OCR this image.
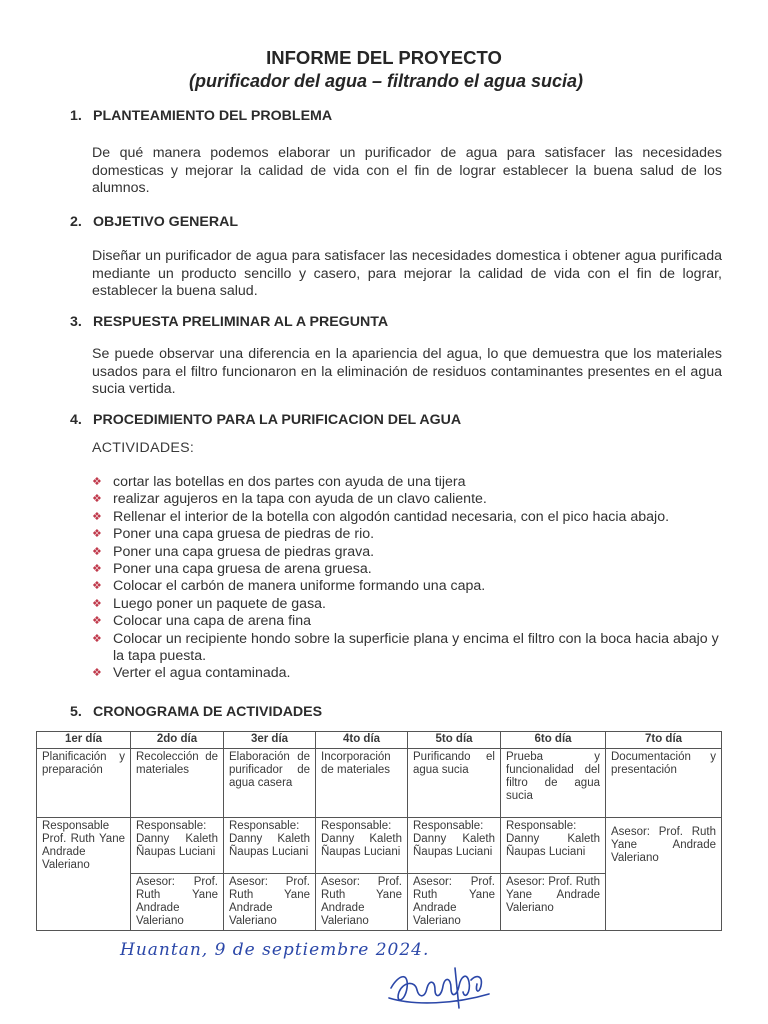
INFORME DEL PROYECTO
(purificador del agua – filtrando el agua sucia)
1. PLANTEAMIENTO DEL PROBLEMA
De qué manera podemos elaborar un purificador de agua para satisfacer las necesidades domesticas y mejorar la calidad de vida con el fin de lograr establecer la buena salud de los alumnos.
2. OBJETIVO GENERAL
Diseñar un purificador de agua para satisfacer las necesidades domestica i obtener agua purificada mediante un producto sencillo y casero, para mejorar la calidad de vida con el fin de lograr, establecer la buena salud.
3. RESPUESTA PRELIMINAR AL A PREGUNTA
Se puede observar una diferencia en la apariencia del agua, lo que demuestra que los materiales usados para el filtro funcionaron en la eliminación de residuos contaminantes presentes en el agua sucia vertida.
4. PROCEDIMIENTO PARA LA PURIFICACION DEL AGUA
ACTIVIDADES:
❖ cortar las botellas en dos partes con ayuda de una tijera
❖ realizar agujeros en la tapa con ayuda de un clavo caliente.
❖ Rellenar el interior de la botella con algodón cantidad necesaria, con el pico hacia abajo.
❖ Poner una capa gruesa de piedras de rio.
❖ Poner una capa gruesa de piedras grava.
❖ Poner una capa gruesa de arena gruesa.
❖ Colocar el carbón de manera uniforme formando una capa.
❖ Luego poner un paquete de gasa.
❖ Colocar una capa de arena fina
❖ Colocar un recipiente hondo sobre la superficie plana y encima el filtro con la boca hacia abajo y la tapa puesta.
❖ Verter el agua contaminada.
5. CRONOGRAMA DE ACTIVIDADES
1er día	2do día	3er día	4to día	5to día	6to día	7to día
Planificación y preparación	Recolección de materiales	Elaboración de purificador de agua casera	Incorporación de materiales	Purificando el agua sucia	Prueba y funcionalidad del filtro de agua sucia	Documentación y presentación
Responsable Prof. Ruth Yane Andrade Valeriano	Responsable: Danny Kaleth Ñaupas Luciani	Responsable: Danny Kaleth Ñaupas Luciani	Responsable: Danny Kaleth Ñaupas Luciani	Responsable: Danny Kaleth Ñaupas Luciani	Responsable: Danny Kaleth Ñaupas Luciani	Asesor: Prof. Ruth Yane Andrade Valeriano
	Asesor: Prof. Ruth Yane Andrade Valeriano	Asesor: Prof. Ruth Yane Andrade Valeriano	Asesor: Prof. Ruth Yane Andrade Valeriano	Asesor: Prof. Ruth Yane Andrade Valeriano	Asesor: Prof. Ruth Yane Andrade Valeriano	
Huantan, 9 de septiembre 2024.
